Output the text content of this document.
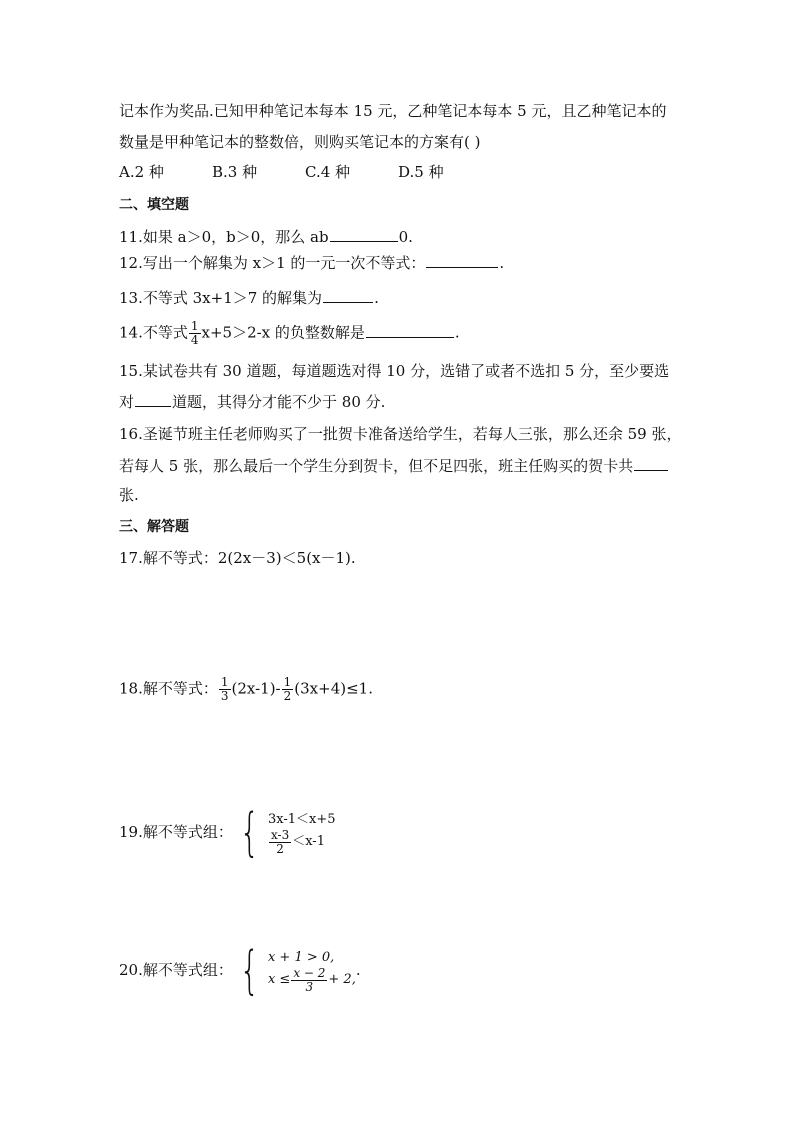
记本作为奖品.已知甲种笔记本每本 15 元，乙种笔记本每本 5 元，且乙种笔记本的
数量是甲种笔记本的整数倍，则购买笔记本的方案有( )
A.2 种	B.3 种	C.4 种	D.5 种
二、填空题
11.如果 a＞0，b＞0，那么 ab	0.
12.写出一个解集为 x＞1 的一元一次不等式：	.
13.不等式 3x+1＞7 的解集为	.
14.不等式 $\frac{1}{4} x+5>2-x$ 的负整数解是	.
15.某试卷共有 30 道题，每道题选对得 10 分，选错了或者不选扣 5 分，至少要选
对	道题，其得分才能不少于 80 分.
16.圣诞节班主任老师购买了一批贺卡准备送给学生，若每人三张，那么还余 59 张，
若每人 5 张，那么最后一个学生分到贺卡，但不足四张，班主任购买的贺卡共
张.
三、解答题
17.解不等式：2(2x－3)＜5(x－1).
18.解不等式： $\frac{1}{3} (2x-1)- \frac{1}{2} (3x+4)\le 1$.
19.解不等式组： { 3x-1＜x+5
$\frac{x-3}{2} <x-1$
20.解不等式组： { x + 1 > 0,
$x \le \frac{x - 2}{3} + 2$,
.
